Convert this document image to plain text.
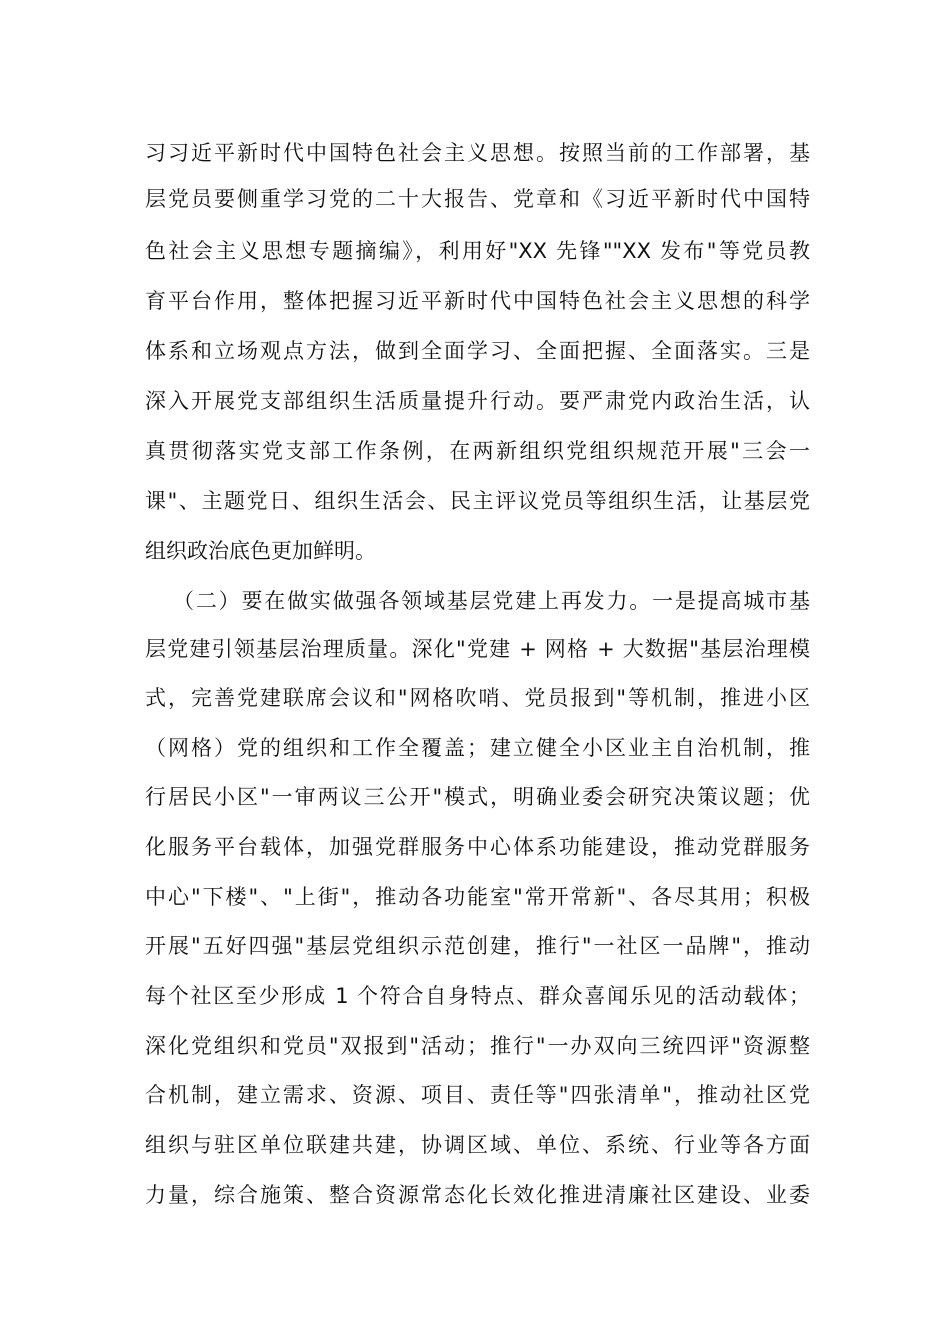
习习近平新时代中国特色社会主义思想。按照当前的工作部署，基
层党员要侧重学习党的二十大报告、党章和《习近平新时代中国特
色社会主义思想专题摘编》，利用好"XX 先锋""XX 发布"等党员教
育平台作用，整体把握习近平新时代中国特色社会主义思想的科学
体系和立场观点方法，做到全面学习、全面把握、全面落实。三是
深入开展党支部组织生活质量提升行动。要严肃党内政治生活，认
真贯彻落实党支部工作条例，在两新组织党组织规范开展"三会一
课"、主题党日、组织生活会、民主评议党员等组织生活，让基层党
组织政治底色更加鲜明。
（二）要在做实做强各领域基层党建上再发力。一是提高城市基
层党建引领基层治理质量。深化"党建 + 网格 + 大数据"基层治理模
式，完善党建联席会议和"网格吹哨、党员报到"等机制，推进小区
（网格）党的组织和工作全覆盖；建立健全小区业主自治机制，推
行居民小区"一审两议三公开"模式，明确业委会研究决策议题；优
化服务平台载体，加强党群服务中心体系功能建设，推动党群服务
中心"下楼"、"上街"，推动各功能室"常开常新"、各尽其用；积极
开展"五好四强"基层党组织示范创建，推行"一社区一品牌"，推动
每个社区至少形成 1 个符合自身特点、群众喜闻乐见的活动载体；
深化党组织和党员"双报到"活动；推行"一办双向三统四评"资源整
合机制，建立需求、资源、项目、责任等"四张清单"，推动社区党
组织与驻区单位联建共建，协调区域、单位、系统、行业等各方面
力量，综合施策、整合资源常态化长效化推进清廉社区建设、业委
